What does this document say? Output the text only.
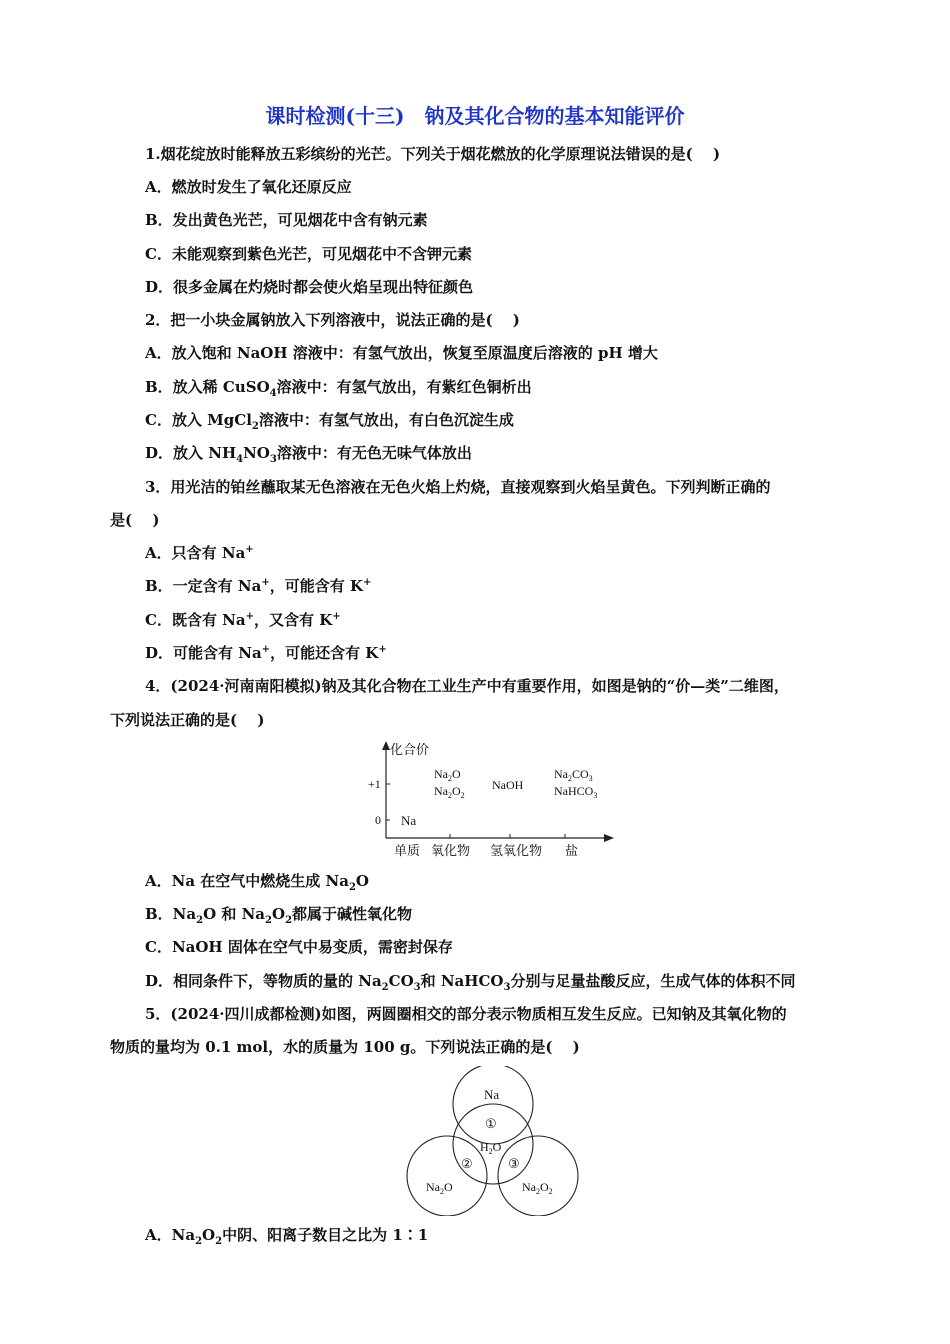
课时检测(十三)　钠及其化合物的基本知能评价
1.烟花绽放时能释放五彩缤纷的光芒。下列关于烟花燃放的化学原理说法错误的是(　 )
A．燃放时发生了氧化还原反应
B．发出黄色光芒，可见烟花中含有钠元素
C．未能观察到紫色光芒，可见烟花中不含钾元素
D．很多金属在灼烧时都会使火焰呈现出特征颜色
2．把一小块金属钠放入下列溶液中，说法正确的是(　 )
A．放入饱和 NaOH 溶液中：有氢气放出，恢复至原温度后溶液的 pH 增大
B．放入稀 CuSO$_4$溶液中：有氢气放出，有紫红色铜析出
C．放入 MgCl$_2$溶液中：有氢气放出，有白色沉淀生成
D．放入 $NH_4NO_3$溶液中：有无色无味气体放出
3．用光洁的铂丝蘸取某无色溶液在无色火焰上灼烧，直接观察到火焰呈黄色。下列判断正确的
是(　 )
A．只含有 Na+
B．一定含有 Na+，可能含有 K+
C．既含有 Na+，又含有 K+
D．可能含有 Na+，可能还含有 K+
4．(2024·河南南阳模拟)钠及其化合物在工业生产中有重要作用，如图是钠的“价—类”二维图，
下列说法正确的是(　 )
化合价
+1
0
单质 氧化物 氢氧化物 盐
Na
$Na_2O$
$Na_2O_2$
NaOH
$Na_2CO_3$
NaHCO$_3$
A．Na 在空气中燃烧生成 $Na_2O$
B．$Na_2O$ 和 $Na_2O_2$都属于碱性氧化物
C．NaOH 固体在空气中易变质，需密封保存
D．相同条件下，等物质的量的 $Na_2CO_3$和 NaHCO$_3$分别与足量盐酸反应，生成气体的体积不同
5．(2024·四川成都检测)如图，两圆圈相交的部分表示物质相互发生反应。已知钠及其氧化物的
物质的量均为 0.1 mol，水的质量为 100 g。下列说法正确的是(　 )
Na
①
$H_2O$
②	③
$Na_2O$	$Na_2O_2$
A．$Na_2O_2$中阴、阳离子数目之比为 1∶1
